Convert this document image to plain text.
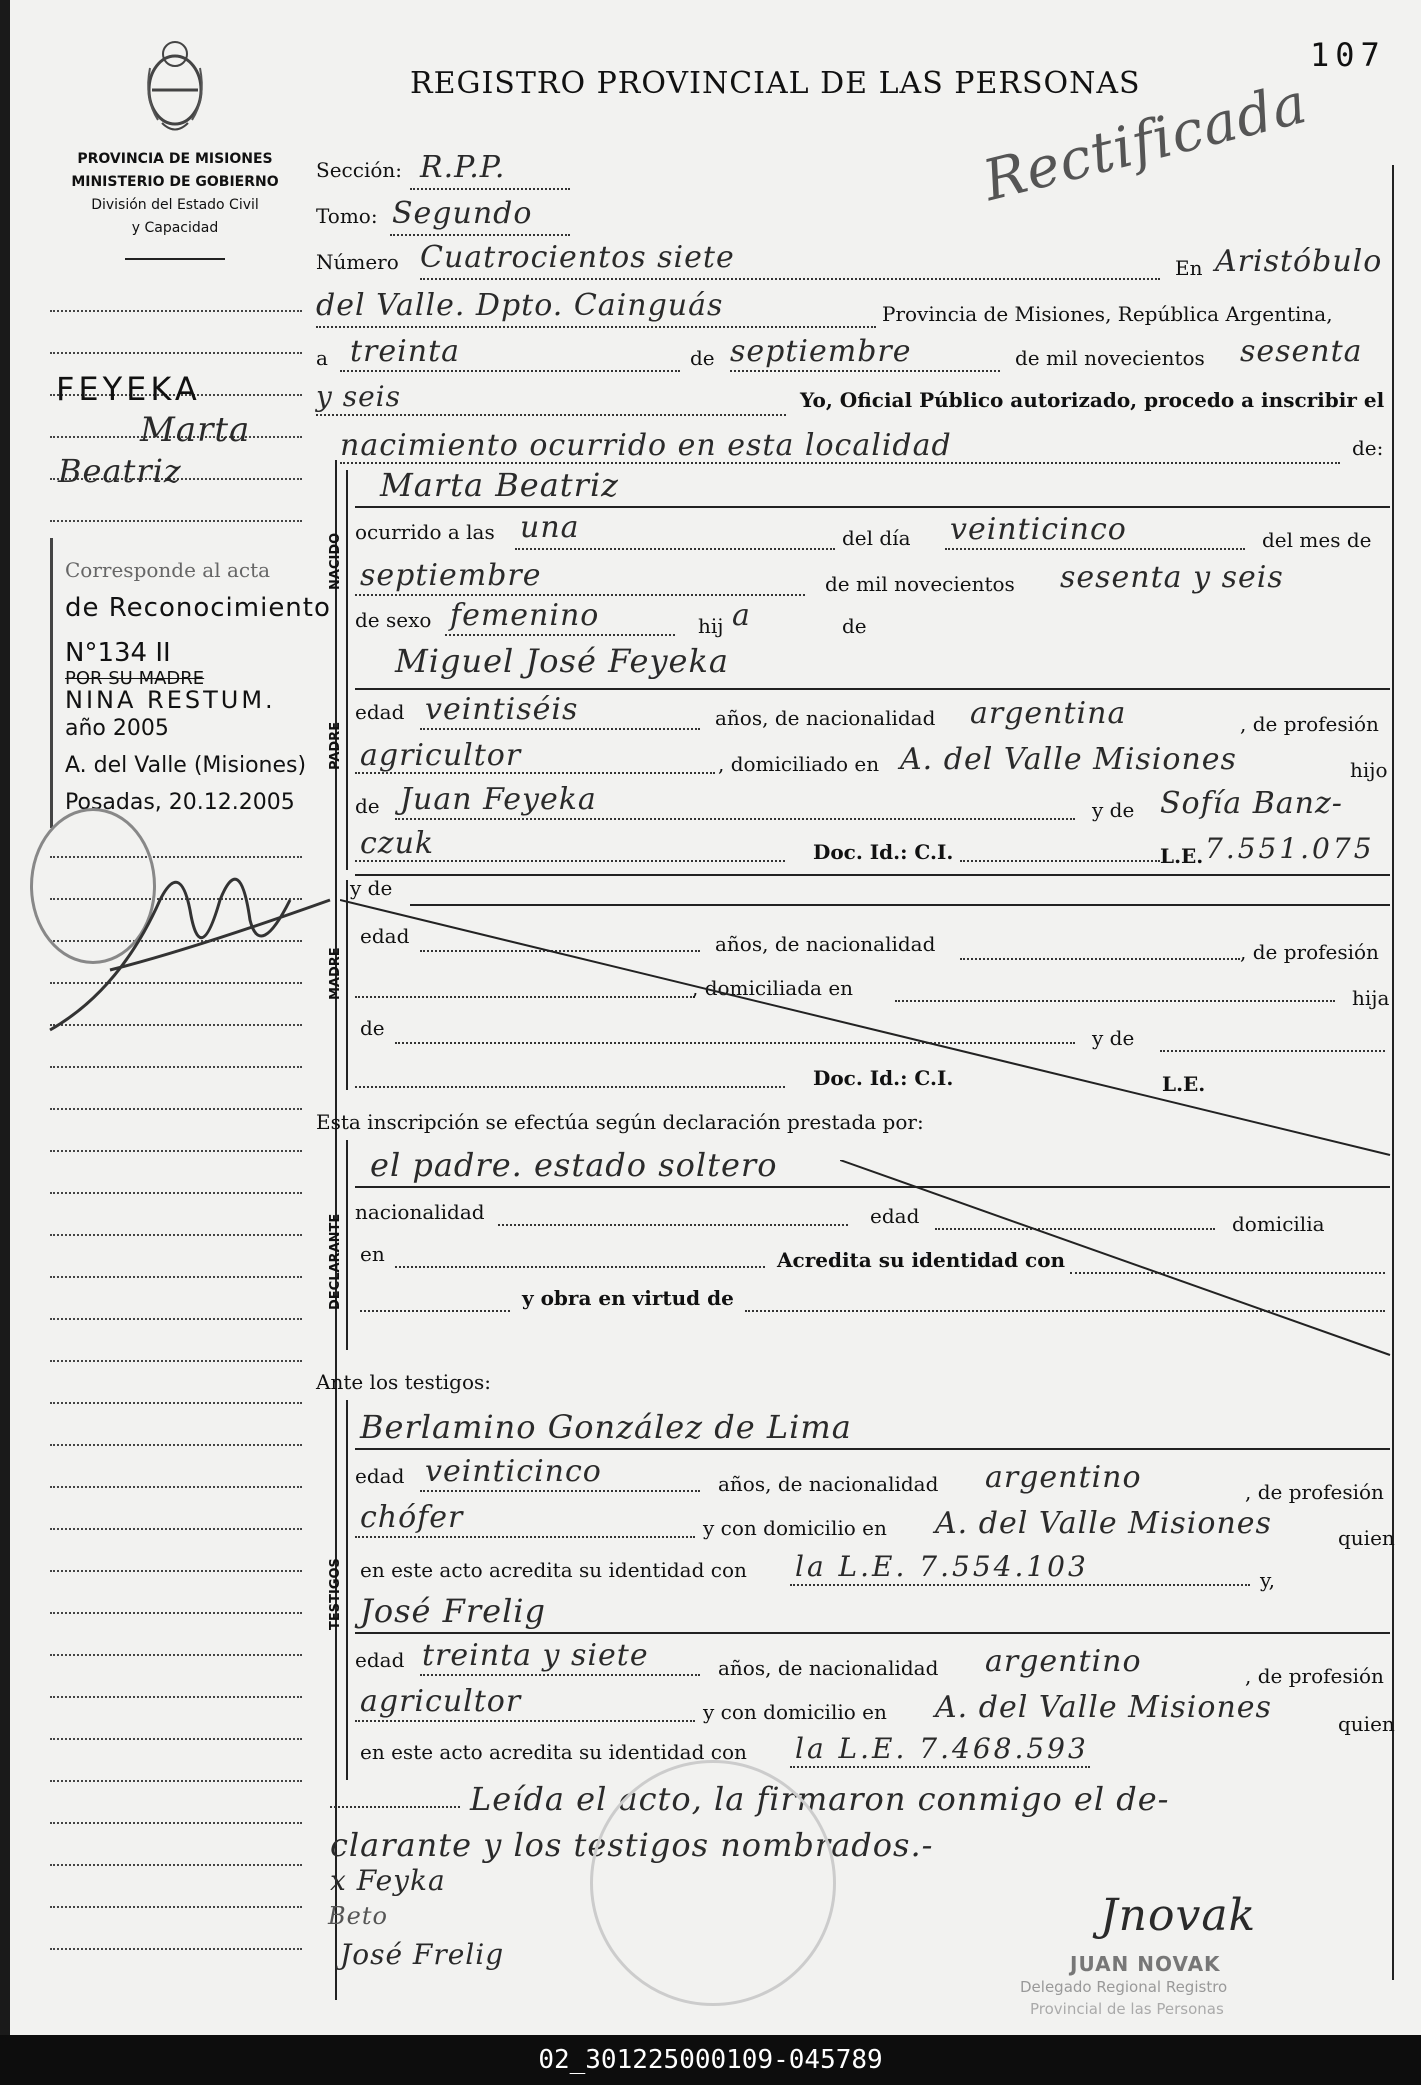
107
REGISTRO PROVINCIAL DE LAS PERSONAS
Rectificada
PROVINCIA DE MISIONES
MINISTERIO DE GOBIERNO
División del Estado Civil
y Capacidad
FEYEKA
Marta
Beatriz
Corresponde al acta
de Reconocimiento
N°134 II
POR SU MADRE
NINA RESTUM.
año 2005
A. del Valle (Misiones)
Posadas, 20.12.2005
Sección: R.P.P.
Tomo: Segundo
Número Cuatrocientos siete	En Aristóbulo
del Valle. Dpto. Cainguás	Provincia de Misiones, República Argentina,
a treinta	de septiembre	de mil novecientos sesenta
y seis	Yo, Oficial Público autorizado, procedo a inscribir el
nacimiento ocurrido en esta localidad	de:
NACIDO
Marta Beatriz
ocurrido a las una	del día veinticinco	del mes de
septiembre	de mil novecientos sesenta y seis
de sexo femenino	hij a	de
PADRE
Miguel José Feyeka
edad veintiséis	años, de nacionalidad argentina	, de profesión
agricultor	, domiciliado en A. del Valle Misiones	hijo
de Juan Feyeka	y de Sofía Banz-
czuk	Doc. Id.: C.I.	L.E. 7.551.075
MADRE
y de
edad	años, de nacionalidad	, de profesión
, domiciliada en	hija
de	y de
Doc. Id.: C.I.	L.E.
Esta inscripción se efectúa según declaración prestada por:
DECLARANTE
el padre. estado soltero
nacionalidad	edad	domicilia
en	Acredita su identidad con
y obra en virtud de
Ante los testigos:
TESTIGOS
Berlamino González de Lima
edad veinticinco	años, de nacionalidad argentino	, de profesión
chófer	y con domicilio en A. del Valle Misiones	quien
en este acto acredita su identidad con la L.E. 7.554.103	y,
José Frelig
edad treinta y siete	años, de nacionalidad argentino	, de profesión
agricultor	y con domicilio en A. del Valle Misiones	quien
en este acto acredita su identidad con la L.E. 7.468.593
Leída el acto, la firmaron conmigo el de-
clarante y los testigos nombrados.-
x Feyka
Beto
José Frelig
Jnovak
JUAN NOVAK
Delegado Regional Registro
Provincial de las Personas
02_301225000109-045789
